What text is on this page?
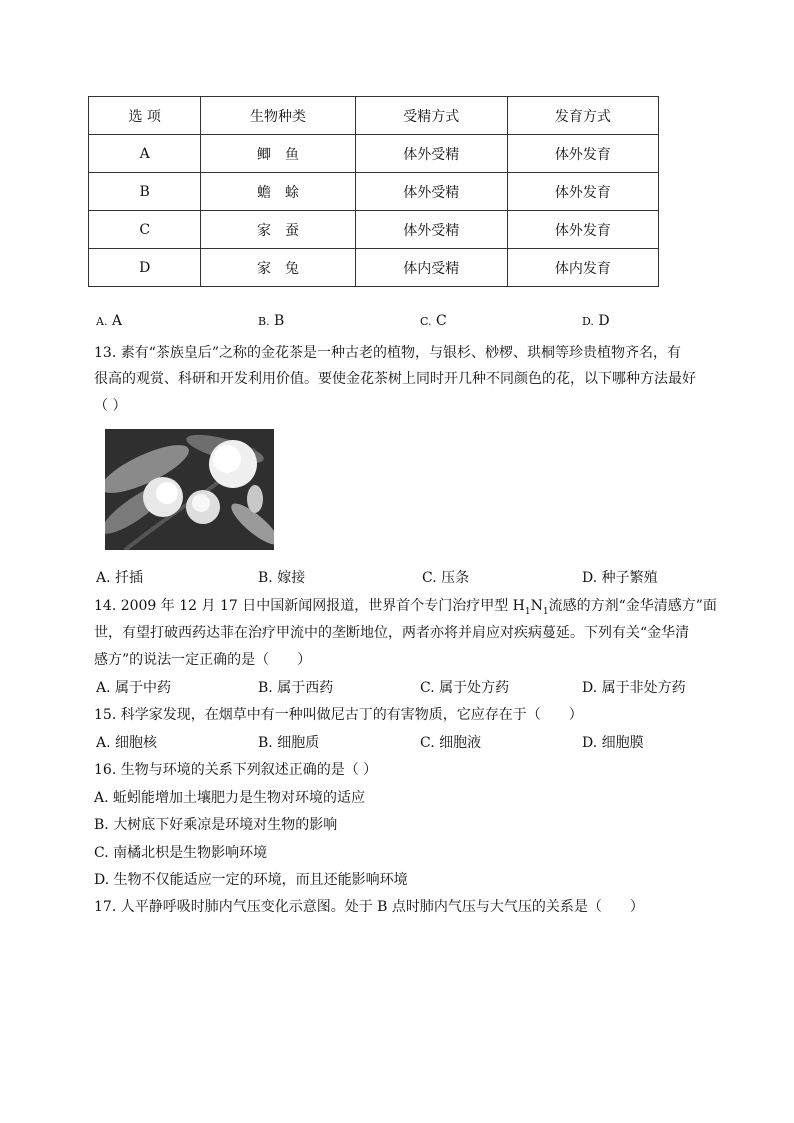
选 项	生物种类	受精方式	发育方式
A	鲫　鱼	体外受精	体外发育
B	蟾　蜍	体外受精	体外发育
C	家　蚕	体外受精	体外发育
D	家　兔	体内受精	体内发育
A. A	B. B	C. C	D. D
13. 素有“茶族皇后”之称的金花茶是一种古老的植物，与银杉、桫椤、珙桐等珍贵植物齐名，有
很高的观赏、科研和开发利用价值。要使金花茶树上同时开几种不同颜色的花，以下哪种方法最好
（ ）
A. 扦插	B. 嫁接	C. 压条	D. 种子繁殖
14. 2009 年 12 月 17 日中国新闻网报道，世界首个专门治疗甲型 $H_1N_1$流感的方剂“金华清感方”面
世，有望打破西药达菲在治疗甲流中的垄断地位，两者亦将并肩应对疾病蔓延。下列有关“金华清
感方”的说法一定正确的是（　　）
A. 属于中药	B. 属于西药	C. 属于处方药	D. 属于非处方药
15. 科学家发现，在烟草中有一种叫做尼古丁的有害物质，它应存在于（　　）
A. 细胞核	B. 细胞质	C. 细胞液	D. 细胞膜
16. 生物与环境的关系下列叙述正确的是（ ）
A. 蚯蚓能增加土壤肥力是生物对环境的适应
B. 大树底下好乘凉是环境对生物的影响
C. 南橘北枳是生物影响环境
D. 生物不仅能适应一定的环境，而且还能影响环境
17. 人平静呼吸时肺内气压变化示意图。处于 B 点时肺内气压与大气压的关系是（　　）
